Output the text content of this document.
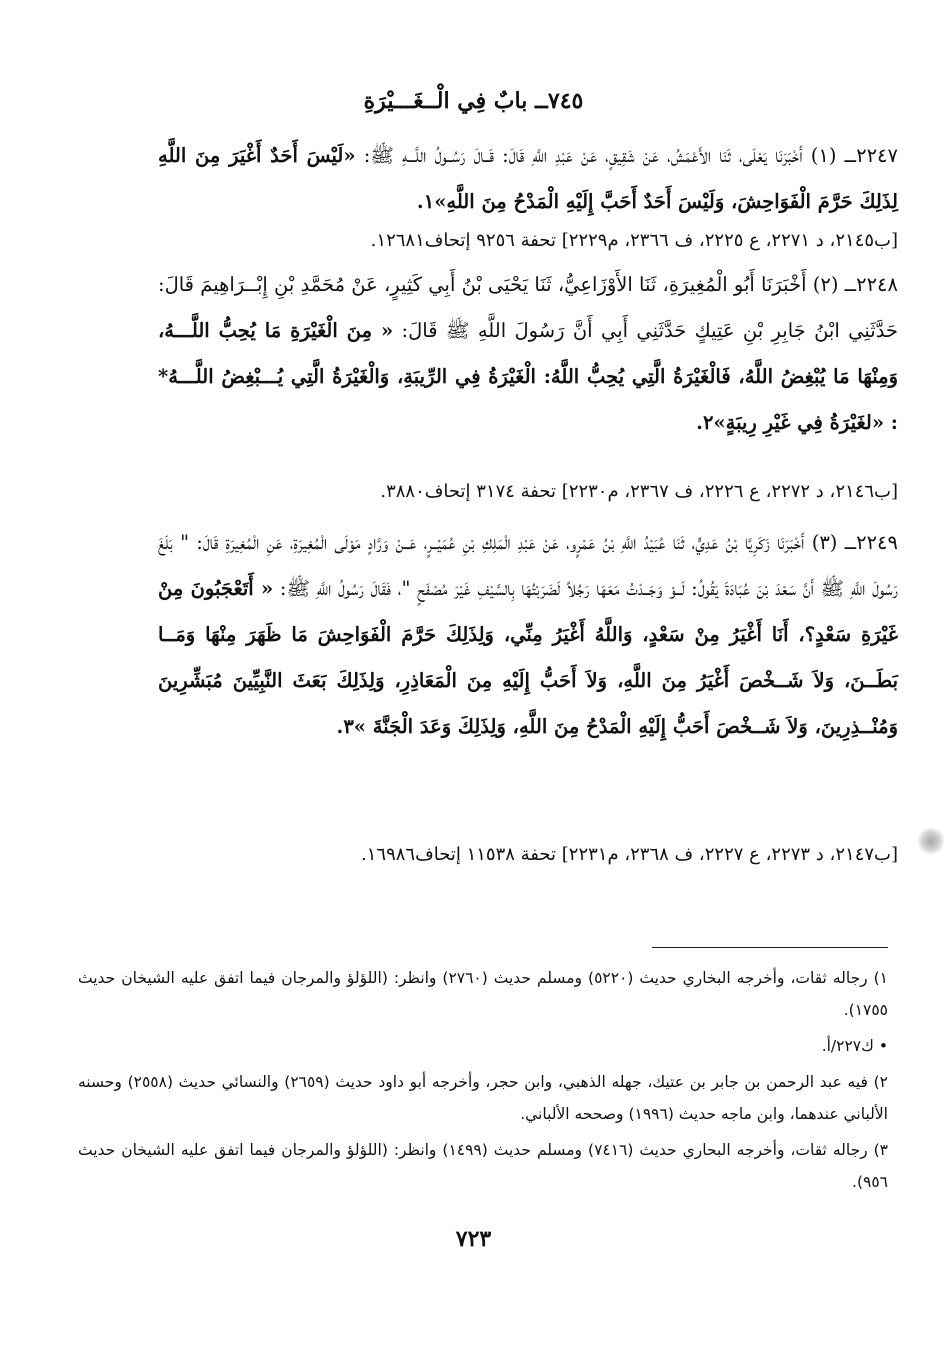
٧٤٥ــ بابٌ فِي الْــغَـــيْرَةِ
٢٢٤٧ــ (١) أَخْبَرَنَا يَعْلَى، ثَنَا الأَعْمَشُ، عَنْ شَقِيقٍ، عَنْ عَبْدِ اللَّهِ قَالَ: قَــالَ رَسُــولُ اللَّـــهِ ﷺ: «لَيْسَ أَحَدٌ أَغْيَرَ مِنَ اللَّهِ لِذَلِكَ حَرَّمَ الْفَوَاحِشَ، وَلَيْسَ أَحَدٌ أَحَبَّ إِلَيْهِ الْمَدْحُ مِنَ اللَّهِ»١.
[ب٢١٤٥، د ٢٢٧١، ع ٢٢٢٥، ف ٢٣٦٦، م٢٢٢٩] تحفة ٩٢٥٦ إتحاف١٢٦٨١.
٢٢٤٨ــ (٢) أَخْبَرَنَا أَبُو الْمُغِيرَةِ، ثَنَا الأَوْزَاعِيُّ، ثَنَا يَحْيَى بْنُ أَبِي كَثِيرٍ، عَنْ مُحَمَّدِ بْنِ إِبْــرَاهِيمَ قَالَ: حَدَّثَنِي ابْنُ جَابِرِ بْنِ عَتِيكٍ حَدَّثَنِي أَبِي أَنَّ رَسُولَ اللَّهِ ﷺ قَالَ: « مِنَ الْغَيْرَةِ مَا يُحِبُّ اللَّـــهُ، وَمِنْهَا مَا يُبْغِضُ اللَّهُ، فَالْغَيْرَةُ الَّتِي يُحِبُّ اللَّهُ: الْغَيْرَةُ فِي الرِّيبَةِ، وَالْغَيْرَةُ الَّتِي يُـــبْغِضُ اللَّـــهُ* : «لغَيْرَةُ فِي غَيْرِ رِيبَةٍ»٢.
[ب٢١٤٦، د ٢٢٧٢، ع ٢٢٢٦، ف ٢٣٦٧، م٢٢٣٠] تحفة ٣١٧٤ إتحاف٣٨٨٠.
٢٢٤٩ــ (٣) أَخْبَرَنَا زَكَرِيَّا بْنُ عَدِيٍّ، ثَنَا عُبَيْدُ اللَّهِ بْنُ عَمْرٍو، عَنْ عَبْدِ الْمَلِكِ بْنِ عُمَيْــرٍ، عَــنْ وَرَّادٍ مَوْلَى الْمُغِيرَةِ، عَنِ الْمُغِيرَةِ قَالَ: " بَلَغَ رَسُولَ اللَّهِ ﷺ أَنَّ سَعْدَ بْنَ عُبَادَةَ يَقُولُ: لَــوْ وَجَــدْتُ مَعَهَا رَجُلاً لَضَرَبْتُهَا بِالسَّيْفِ غَيْرَ مُصْفَحٍ "، فَقَالَ رَسُولُ اللَّهِ ﷺ: « أَتَعْجَبُونَ مِنْ غَيْرَةِ سَعْدٍ؟، أَنَا أَغْيَرُ مِنْ سَعْدٍ، وَاللَّهُ أَغْيَرُ مِنِّي، وَلِذَلِكَ حَرَّمَ الْفَوَاحِشَ مَا ظَهَرَ مِنْهَا وَمَــا بَطَــنَ، وَلاَ شَــخْصَ أَغْيَرُ مِنَ اللَّهِ، وَلاَ أَحَبُّ إِلَيْهِ مِنَ الْمَعَاذِرِ، وَلِذَلِكَ بَعَثَ النَّبِيِّينَ مُبَشِّرِينَ وَمُنْــذِرِينَ، وَلاَ شَــخْصَ أَحَبُّ إِلَيْهِ الْمَدْحُ مِنَ اللَّهِ، وَلِذَلِكَ وَعَدَ الْجَنَّةَ »٣.
[ب٢١٤٧، د ٢٢٧٣، ع ٢٢٢٧، ف ٢٣٦٨، م٢٢٣١] تحفة ١١٥٣٨ إتحاف١٦٩٨٦.

١) رجاله ثقات، وأخرجه البخاري حديث (٥٢٢٠) ومسلم حديث (٢٧٦٠) وانظر: (اللؤلؤ والمرجان فيما اتفق عليه الشيخان حديث ١٧٥٥).

• ك٢٢٧/أ.

٢) فيه عبد الرحمن بن جابر بن عتيك، جهله الذهبي، وابن حجر، وأخرجه أبو داود حديث (٢٦٥٩) والنسائي حديث (٢٥٥٨) وحسنه الألباني عندهما، وابن ماجه حديث (١٩٩٦) وصححه الألباني.

٣) رجاله ثقات، وأخرجه البحاري حديث (٧٤١٦) ومسلم حديث (١٤٩٩) وانظر: (اللؤلؤ والمرجان فيما اتفق عليه الشيخان حديث ٩٥٦).

٧٢٣
